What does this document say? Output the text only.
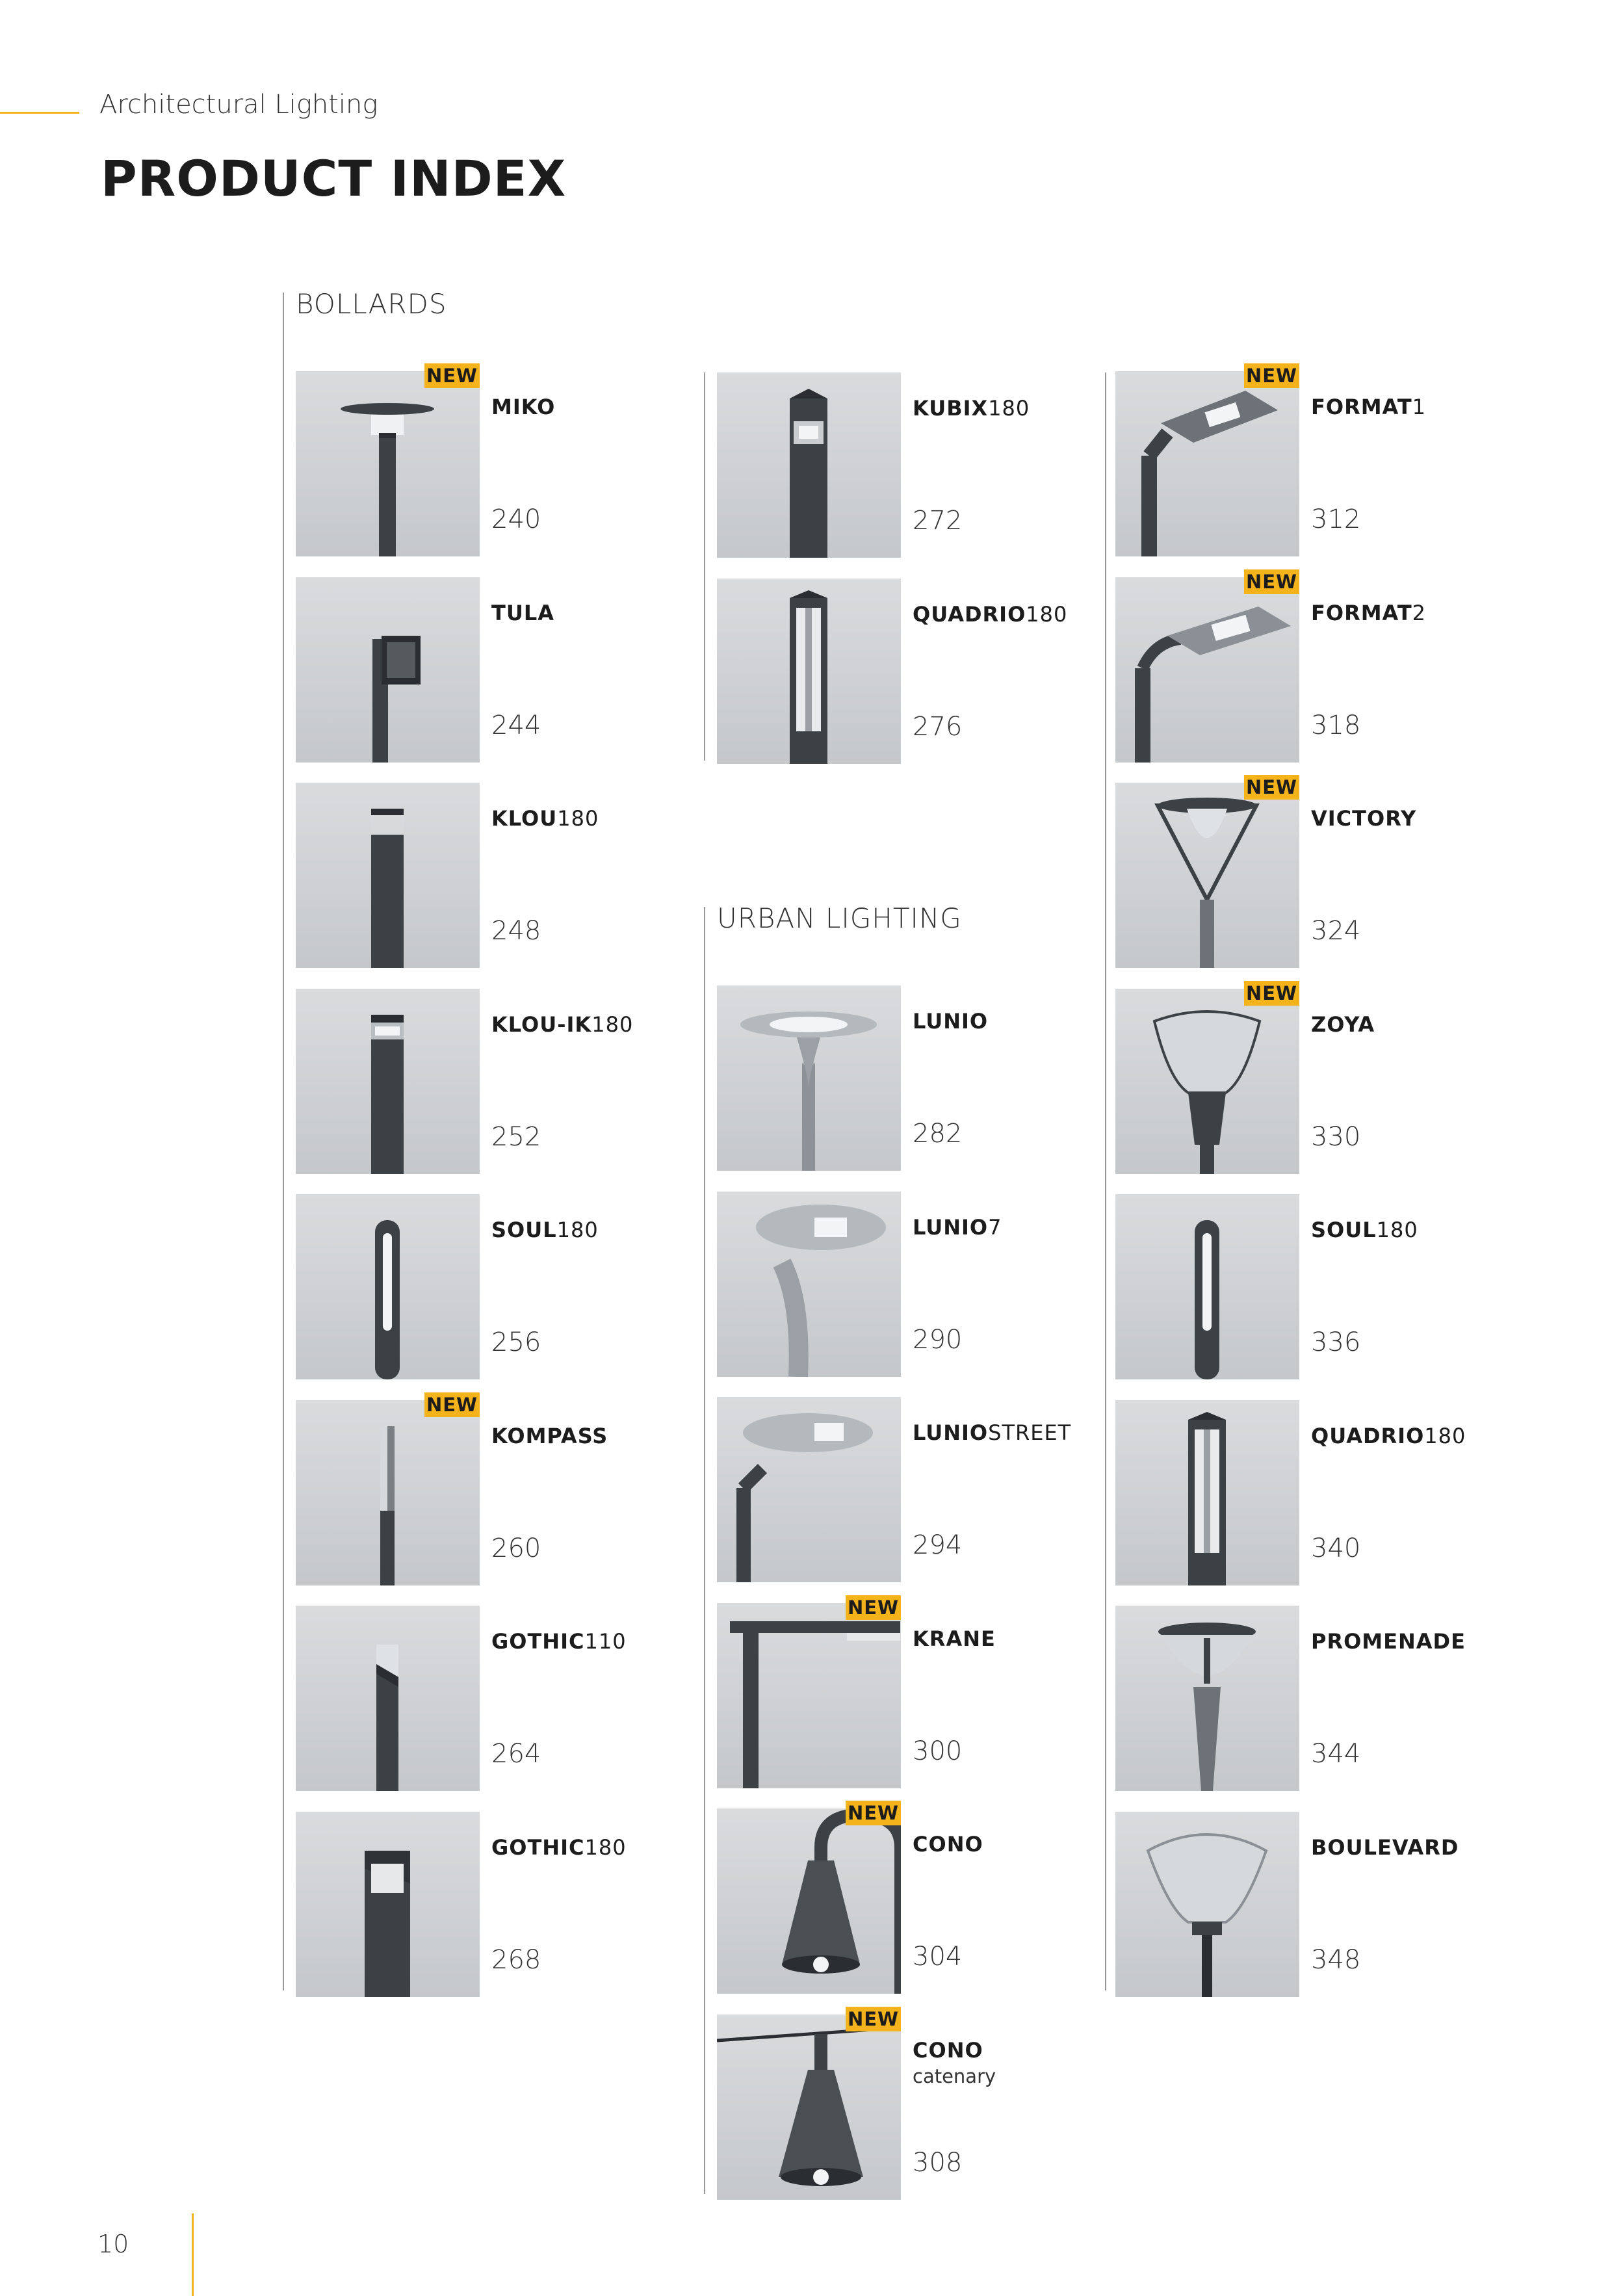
Architectural Lighting
PRODUCT INDEX
BOLLARDS
URBAN LIGHTING
NEW
MIKO
240
TULA
244
KLOU180
248
KLOU-IK180
252
SOUL180
256
NEW
KOMPASS
260
GOTHIC110
264
GOTHIC180
268
KUBIX180
272
QUADRIO180
276
LUNIO
282
LUNIO7
290
LUNIOSTREET
294
NEW
KRANE
300
NEW
CONO
304
NEW
CONO
catenary
308
NEW
FORMAT1
312
NEW
FORMAT2
318
NEW
VICTORY
324
NEW
ZOYA
330
SOUL180
336
QUADRIO180
340
PROMENADE
344
BOULEVARD
348
10
